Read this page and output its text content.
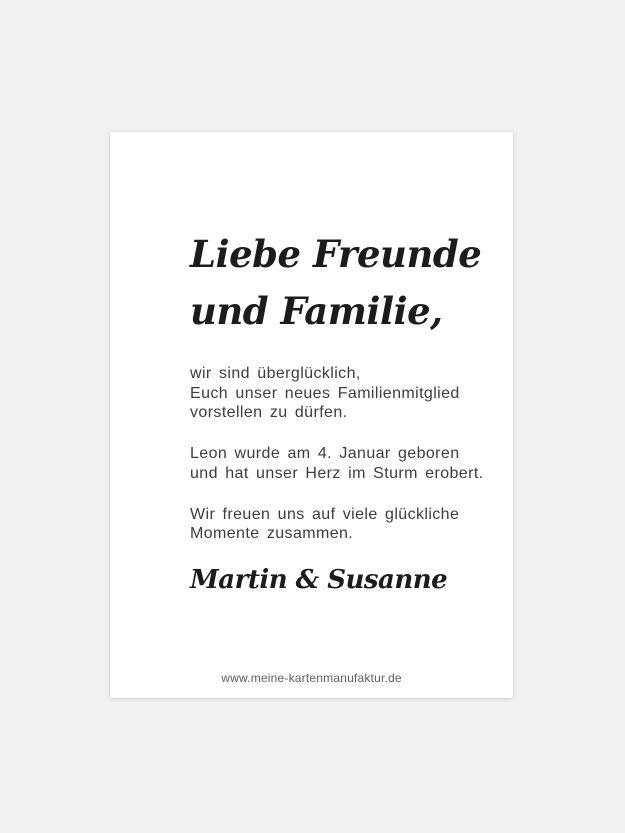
Liebe Freunde
und Familie,
wir sind überglücklich,
Euch unser neues Familienmitglied
vorstellen zu dürfen.
Leon wurde am 4. Januar geboren
und hat unser Herz im Sturm erobert.
Wir freuen uns auf viele glückliche
Momente zusammen.
Martin & Susanne
www.meine-kartenmanufaktur.de
